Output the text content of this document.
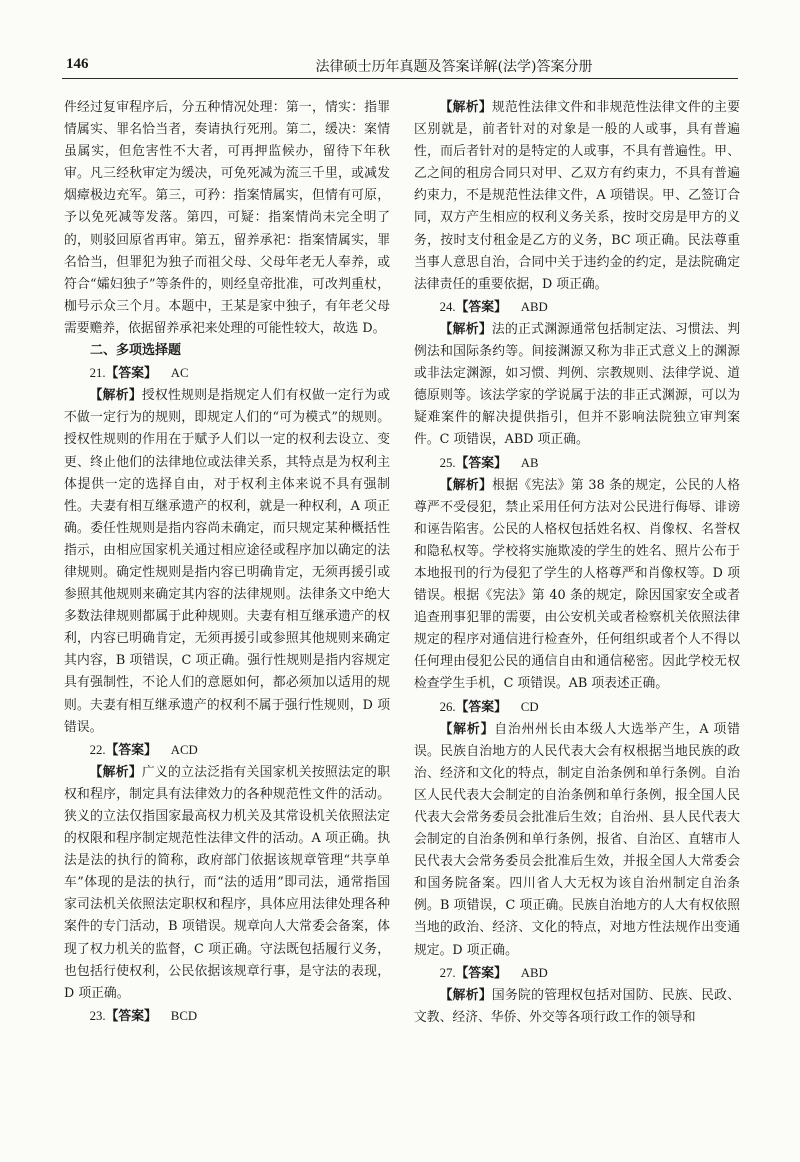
146	法律硕士历年真题及答案详解(法学)答案分册

件经过复审程序后，分五种情况处理：第一，情实：指罪情属实、罪名恰当者，奏请执行死刑。第二，缓决：案情虽属实，但危害性不大者，可再押监候办，留待下年秋审。凡三经秋审定为缓决，可免死减为流三千里，或减发烟瘴极边充军。第三，可矜：指案情属实，但情有可原，予以免死减等发落。第四，可疑：指案情尚未完全明了的，则驳回原省再审。第五，留养承祀：指案情属实，罪名恰当，但罪犯为独子而祖父母、父母年老无人奉养，或符合“孀妇独子”等条件的，则经皇帝批准，可改判重杖，枷号示众三个月。本题中，王某是家中独子，有年老父母需要赡养，依据留养承祀来处理的可能性较大，故选 D。

二、多项选择题

21.【答案】 AC

【解析】授权性规则是指规定人们有权做一定行为或不做一定行为的规则，即规定人们的“可为模式”的规则。授权性规则的作用在于赋予人们以一定的权利去设立、变更、终止他们的法律地位或法律关系，其特点是为权利主体提供一定的选择自由，对于权利主体来说不具有强制性。夫妻有相互继承遗产的权利，就是一种权利，A 项正确。委任性规则是指内容尚未确定，而只规定某种概括性指示，由相应国家机关通过相应途径或程序加以确定的法律规则。确定性规则是指内容已明确肯定，无须再援引或参照其他规则来确定其内容的法律规则。法律条文中绝大多数法律规则都属于此种规则。夫妻有相互继承遗产的权利，内容已明确肯定，无须再援引或参照其他规则来确定其内容，B 项错误，C 项正确。强行性规则是指内容规定具有强制性，不论人们的意愿如何，都必须加以适用的规则。夫妻有相互继承遗产的权利不属于强行性规则，D 项错误。

22.【答案】 ACD

【解析】广义的立法泛指有关国家机关按照法定的职权和程序，制定具有法律效力的各种规范性文件的活动。狭义的立法仅指国家最高权力机关及其常设机关依照法定的权限和程序制定规范性法律文件的活动。A 项正确。执法是法的执行的简称，政府部门依据该规章管理“共享单车”体现的是法的执行，而“法的适用”即司法，通常指国家司法机关依照法定职权和程序，具体应用法律处理各种案件的专门活动，B 项错误。规章向人大常委会备案，体现了权力机关的监督，C 项正确。守法既包括履行义务，也包括行使权利，公民依据该规章行事，是守法的表现，D 项正确。

23.【答案】 BCD

【解析】规范性法律文件和非规范性法律文件的主要区别就是，前者针对的对象是一般的人或事，具有普遍性，而后者针对的是特定的人或事，不具有普遍性。甲、乙之间的租房合同只对甲、乙双方有约束力，不具有普遍约束力，不是规范性法律文件，A 项错误。甲、乙签订合同，双方产生相应的权利义务关系，按时交房是甲方的义务，按时支付租金是乙方的义务，BC 项正确。民法尊重当事人意思自治，合同中关于违约金的约定，是法院确定法律责任的重要依据，D 项正确。

24.【答案】 ABD

【解析】法的正式渊源通常包括制定法、习惯法、判例法和国际条约等。间接渊源又称为非正式意义上的渊源或非法定渊源，如习惯、判例、宗教规则、法律学说、道德原则等。该法学家的学说属于法的非正式渊源，可以为疑难案件的解决提供指引，但并不影响法院独立审判案件。C 项错误，ABD 项正确。

25.【答案】 AB

【解析】根据《宪法》第 38 条的规定，公民的人格尊严不受侵犯，禁止采用任何方法对公民进行侮辱、诽谤和诬告陷害。公民的人格权包括姓名权、肖像权、名誉权和隐私权等。学校将实施欺凌的学生的姓名、照片公布于本地报刊的行为侵犯了学生的人格尊严和肖像权等。D 项错误。根据《宪法》第 40 条的规定，除因国家安全或者追查刑事犯罪的需要，由公安机关或者检察机关依照法律规定的程序对通信进行检查外，任何组织或者个人不得以任何理由侵犯公民的通信自由和通信秘密。因此学校无权检查学生手机，C 项错误。AB 项表述正确。

26.【答案】 CD

【解析】自治州州长由本级人大选举产生，A 项错误。民族自治地方的人民代表大会有权根据当地民族的政治、经济和文化的特点，制定自治条例和单行条例。自治区人民代表大会制定的自治条例和单行条例，报全国人民代表大会常务委员会批准后生效；自治州、县人民代表大会制定的自治条例和单行条例，报省、自治区、直辖市人民代表大会常务委员会批准后生效，并报全国人大常委会和国务院备案。四川省人大无权为该自治州制定自治条例。B 项错误，C 项正确。民族自治地方的人大有权依照当地的政治、经济、文化的特点，对地方性法规作出变通规定。D 项正确。

27.【答案】 ABD

【解析】国务院的管理权包括对国防、民族、民政、文教、经济、华侨、外交等各项行政工作的领导和
